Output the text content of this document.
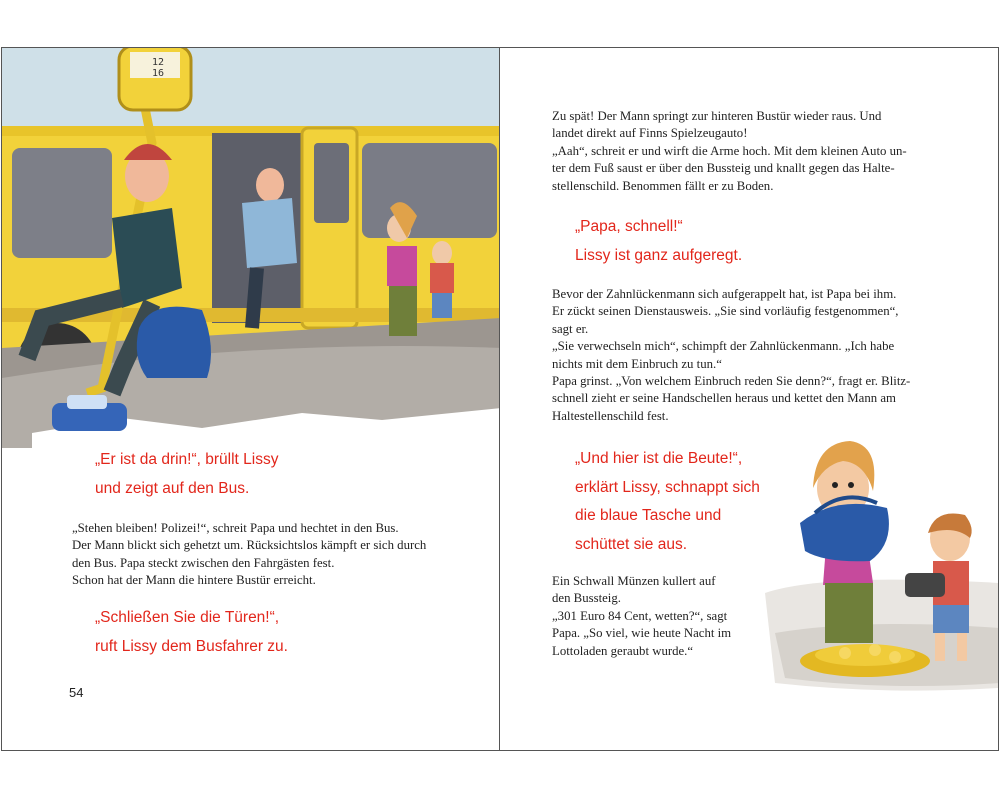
12
16
„Er ist da drin!“, brüllt Lissy
und zeigt auf den Bus.

„Stehen bleiben! Polizei!“, schreit Papa und hechtet in den Bus.

Der Mann blickt sich gehetzt um. Rücksichtslos kämpft er sich durch

den Bus. Papa steckt zwischen den Fahrgästen fest.

Schon hat der Mann die hintere Bustür erreicht.

„Schließen Sie die Türen!“,
ruft Lissy dem Busfahrer zu.
54

Zu spät! Der Mann springt zur hinteren Bustür wieder raus. Und

landet direkt auf Finns Spielzeugauto!

„Aah“, schreit er und wirft die Arme hoch. Mit dem kleinen Auto un-

ter dem Fuß saust er über den Bussteig und knallt gegen das Halte-

stellenschild. Benommen fällt er zu Boden.

„Papa, schnell!“
Lissy ist ganz aufgeregt.

Bevor der Zahnlückenmann sich aufgerappelt hat, ist Papa bei ihm.

Er zückt seinen Dienstausweis. „Sie sind vorläufig festgenommen“,

sagt er.

„Sie verwechseln mich“, schimpft der Zahnlückenmann. „Ich habe

nichts mit dem Einbruch zu tun.“

Papa grinst. „Von welchem Einbruch reden Sie denn?“, fragt er. Blitz-

schnell zieht er seine Handschellen heraus und kettet den Mann am

Haltestellenschild fest.

„Und hier ist die Beute!“,
erklärt Lissy, schnappt sich
die blaue Tasche und
schüttet sie aus.

Ein Schwall Münzen kullert auf

den Bussteig.

„301 Euro 84 Cent, wetten?“, sagt

Papa. „So viel, wie heute Nacht im

Lottoladen geraubt wurde.“
